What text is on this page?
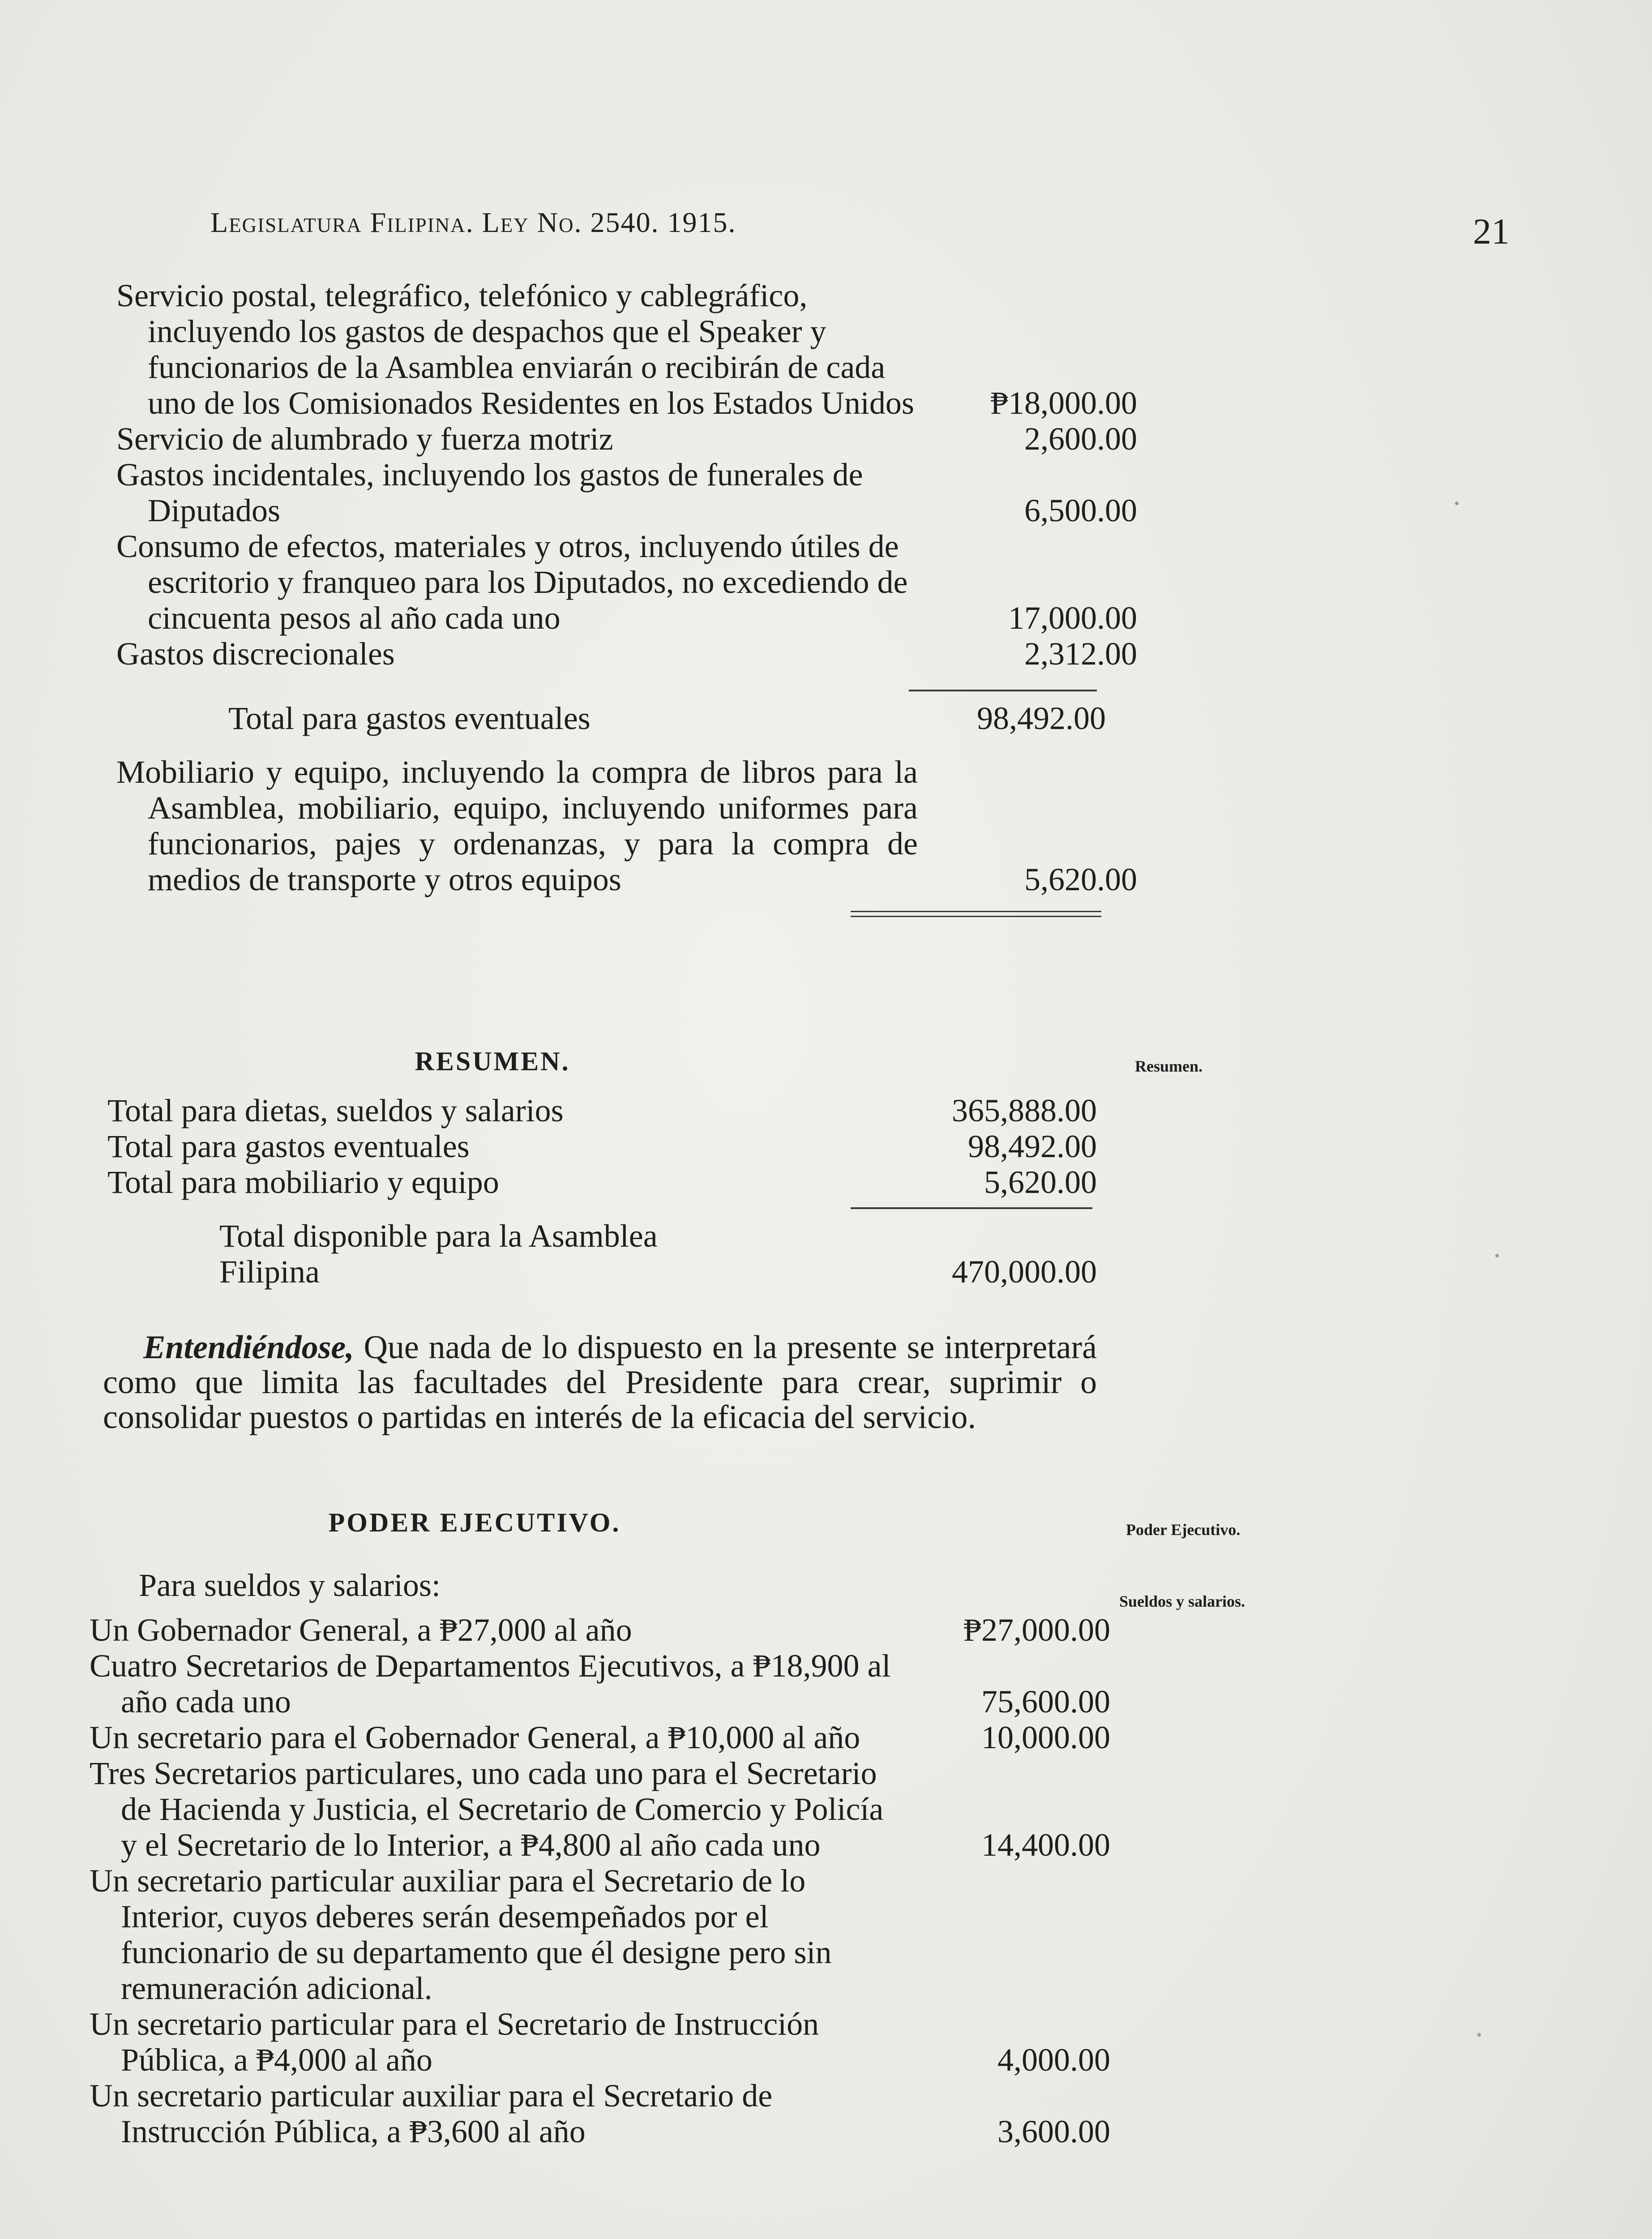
Legislatura Filipina. Ley No. 2540. 1915.	21
Servicio postal, telegráfico, telefónico y cablegráfico, incluyendo los gastos de despachos que el Speaker y funcionarios de la Asamblea enviarán o recibirán de cada uno de los Comisionados Residentes en los Estados Unidos	₱18,000.00
Servicio de alumbrado y fuerza motriz	2,600.00
Gastos incidentales, incluyendo los gastos de funerales de Diputados	6,500.00
Consumo de efectos, materiales y otros, incluyendo útiles de escritorio y franqueo para los Diputados, no excediendo de cincuenta pesos al año cada uno	17,000.00
Gastos discrecionales	2,312.00
Total para gastos eventuales	98,492.00
Mobiliario y equipo, incluyendo la compra de libros para la Asamblea, mobiliario, equipo, incluyendo uniformes para funcionarios, pajes y ordenanzas, y para la compra de medios de transporte y otros equipos	5,620.00
RESUMEN.
Total para dietas, sueldos y salarios	365,888.00
Total para gastos eventuales	98,492.00
Total para mobiliario y equipo	5,620.00
Total disponible para la Asamblea Filipina	470,000.00
Resumen.
Entendiéndose, Que nada de lo dispuesto en la presente se interpretará como que limita las facultades del Presidente para crear, suprimir o consolidar puestos o partidas en interés de la eficacia del servicio.
PODER EJECUTIVO.
Para sueldos y salarios:
Un Gobernador General, a ₱27,000 al año	₱27,000.00
Cuatro Secretarios de Departamentos Ejecutivos, a ₱18,900 al año cada uno	75,600.00
Un secretario para el Gobernador General, a ₱10,000 al año	10,000.00
Tres Secretarios particulares, uno cada uno para el Secretario de Hacienda y Justicia, el Secretario de Comercio y Policía y el Secretario de lo Interior, a ₱4,800 al año cada uno	14,400.00
Un secretario particular auxiliar para el Secretario de lo Interior, cuyos deberes serán desempeñados por el funcionario de su departamento que él designe pero sin remuneración adicional.
Un secretario particular para el Secretario de Instrucción Pública, a ₱4,000 al año	4,000.00
Un secretario particular auxiliar para el Secretario de Instrucción Pública, a ₱3,600 al año	3,600.00
Poder Ejecutivo.
Sueldos y salarios.
